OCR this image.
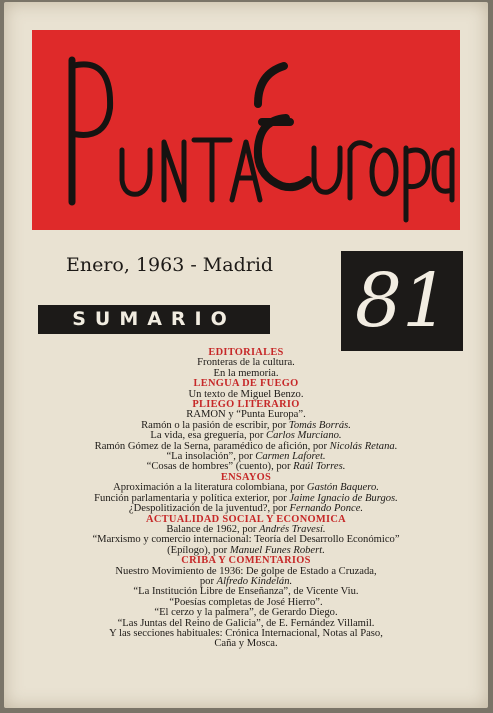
Enero, 1963 - Madrid 81
SUMARIO
EDITORIALES
Fronteras de la cultura.
En la memoria.
LENGUA DE FUEGO
Un texto de Miguel Benzo.
PLIEGO LITERARIO
RAMON y “Punta Europa”.
Ramón o la pasión de escribir, por Tomás Borrás.
La vida, esa greguería, por Carlos Murciano.
Ramón Gómez de la Serna, paramédico de afición, por Nicolás Retana.
“La insolación”, por Carmen Laforet.
“Cosas de hombres” (cuento), por Raúl Torres.
ENSAYOS
Aproximación a la literatura colombiana, por Gastón Baquero.
Función parlamentaria y política exterior, por Jaime Ignacio de Burgos.
¿Despolitización de la juventud?, por Fernando Ponce.
ACTUALIDAD SOCIAL Y ECONOMICA
Balance de 1962, por Andrés Travesí.
“Marxismo y comercio internacional: Teoría del Desarrollo Económico”
(Epílogo), por Manuel Funes Robert.
CRIBA Y COMENTARIOS
Nuestro Movimiento de 1936: De golpe de Estado a Cruzada,
por Alfredo Kindelán.
“La Institución Libre de Enseñanza”, de Vicente Viu.
“Poesías completas de José Hierro”.
“El cerzo y la palmera”, de Gerardo Diego.
“Las Juntas del Reino de Galicia”, de E. Fernández Villamil.
Y las secciones habituales: Crónica Internacional, Notas al Paso,
Caña y Mosca.
